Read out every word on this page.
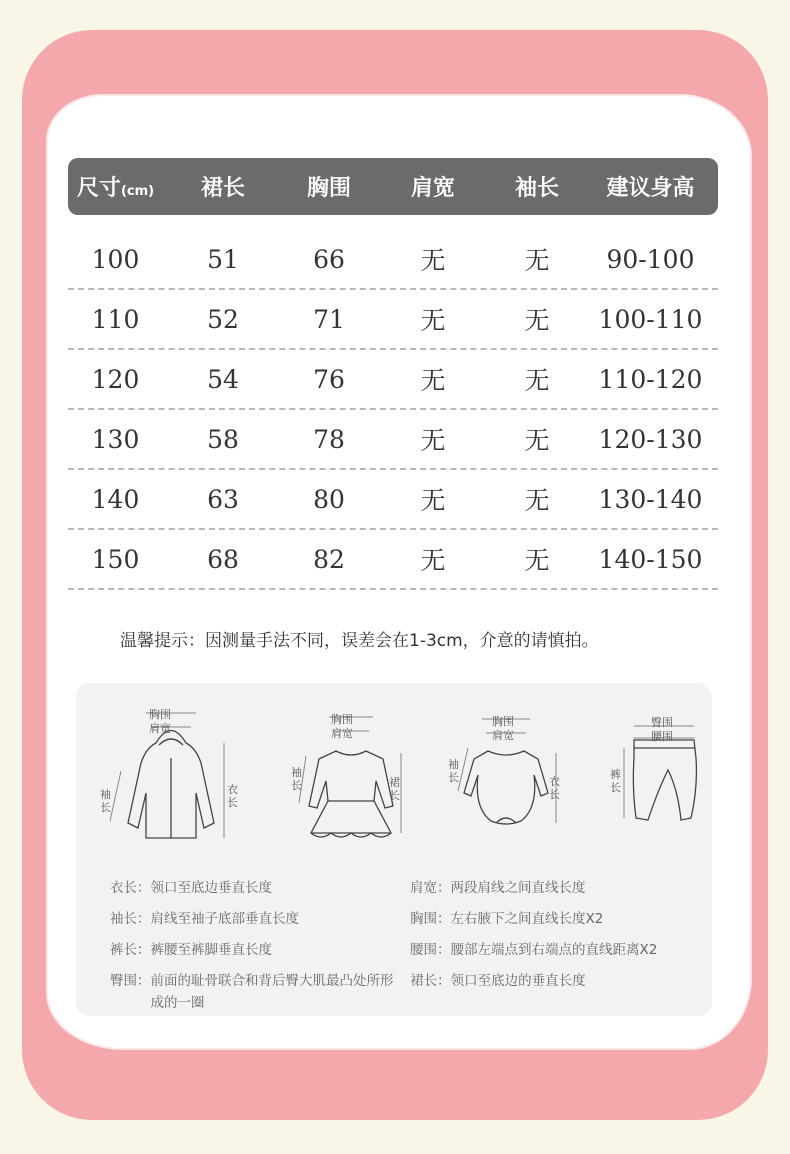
尺寸(cm)	裙长	胸围	肩宽	袖长	建议身高
100	51	66	无	无	90-100
110	52	71	无	无	100-110
120	54	76	无	无	110-120
130	58	78	无	无	120-130
140	63	80	无	无	130-140
150	68	82	无	无	140-150
温馨提示：因测量手法不同，误差会在1-3cm，介意的请慎拍。
胸围
肩宽
衣长
袖长
胸围
肩宽
裙长
袖长
胸围
肩宽
衣长
袖长
臀围
腰围
裤长
衣长： 领口至底边垂直长度	肩宽： 两段肩线之间直线长度
袖长： 肩线至袖子底部垂直长度	胸围： 左右腋下之间直线长度X2
裤长： 裤腰至裤脚垂直长度	腰围： 腰部左端点到右端点的直线距离X2
臀围： 前面的耻骨联合和背后臀大肌最凸处所形成的一圈
裙长： 领口至底边的垂直长度
